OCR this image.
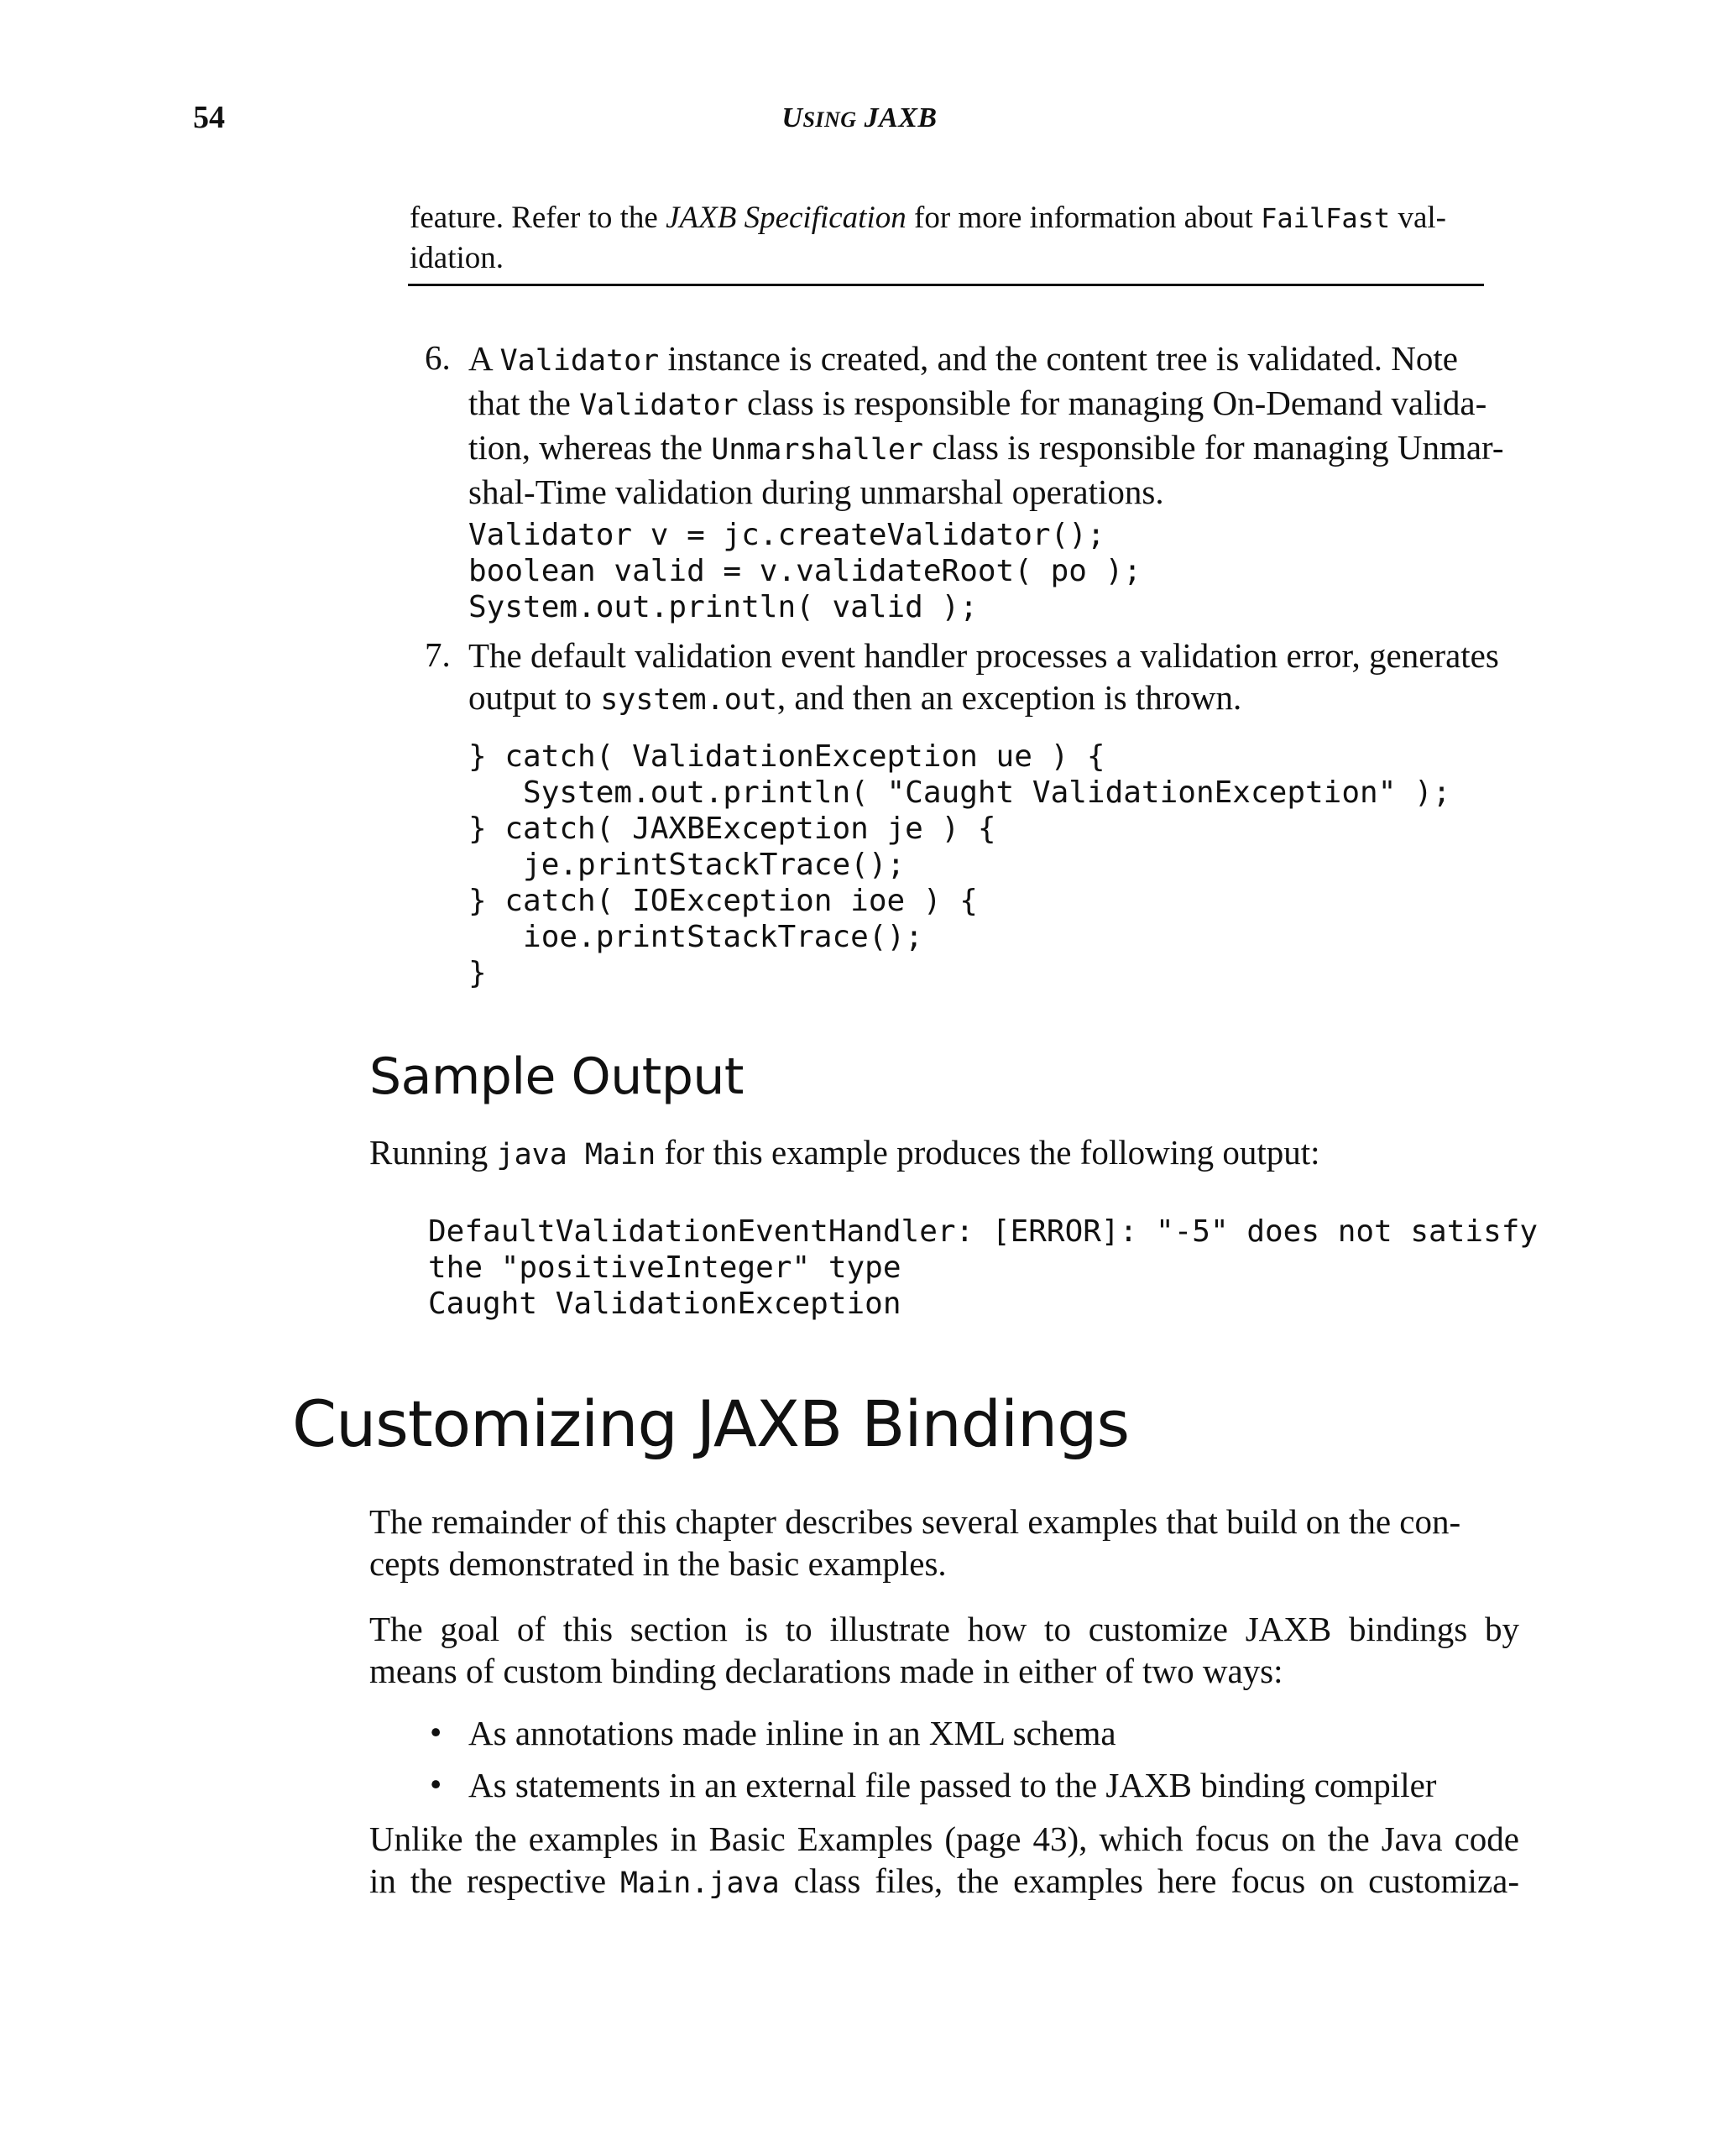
54	USING JAXB
feature. Refer to the JAXB Specification for more information about FailFast val-
idation.
6. A Validator instance is created, and the content tree is validated. Note
that the Validator class is responsible for managing On-Demand valida-
tion, whereas the Unmarshaller class is responsible for managing Unmar-
shal-Time validation during unmarshal operations.
Validator v = jc.createValidator();
boolean valid = v.validateRoot( po );
System.out.println( valid );
7. The default validation event handler processes a validation error, generates
output to system.out, and then an exception is thrown.
} catch( ValidationException ue ) {
System.out.println( "Caught ValidationException" );
} catch( JAXBException je ) {
je.printStackTrace();
} catch( IOException ioe ) {
ioe.printStackTrace();
}
Sample Output
Running java Main for this example produces the following output:
DefaultValidationEventHandler: [ERROR]: "-5" does not satisfy
the "positiveInteger" type
Caught ValidationException
Customizing JAXB Bindings
The remainder of this chapter describes several examples that build on the con-
cepts demonstrated in the basic examples.
The goal of this section is to illustrate how to customize JAXB bindings by
means of custom binding declarations made in either of two ways:
• As annotations made inline in an XML schema
• As statements in an external file passed to the JAXB binding compiler
Unlike the examples in Basic Examples (page 43), which focus on the Java code
in the respective Main.java class files, the examples here focus on customiza-
